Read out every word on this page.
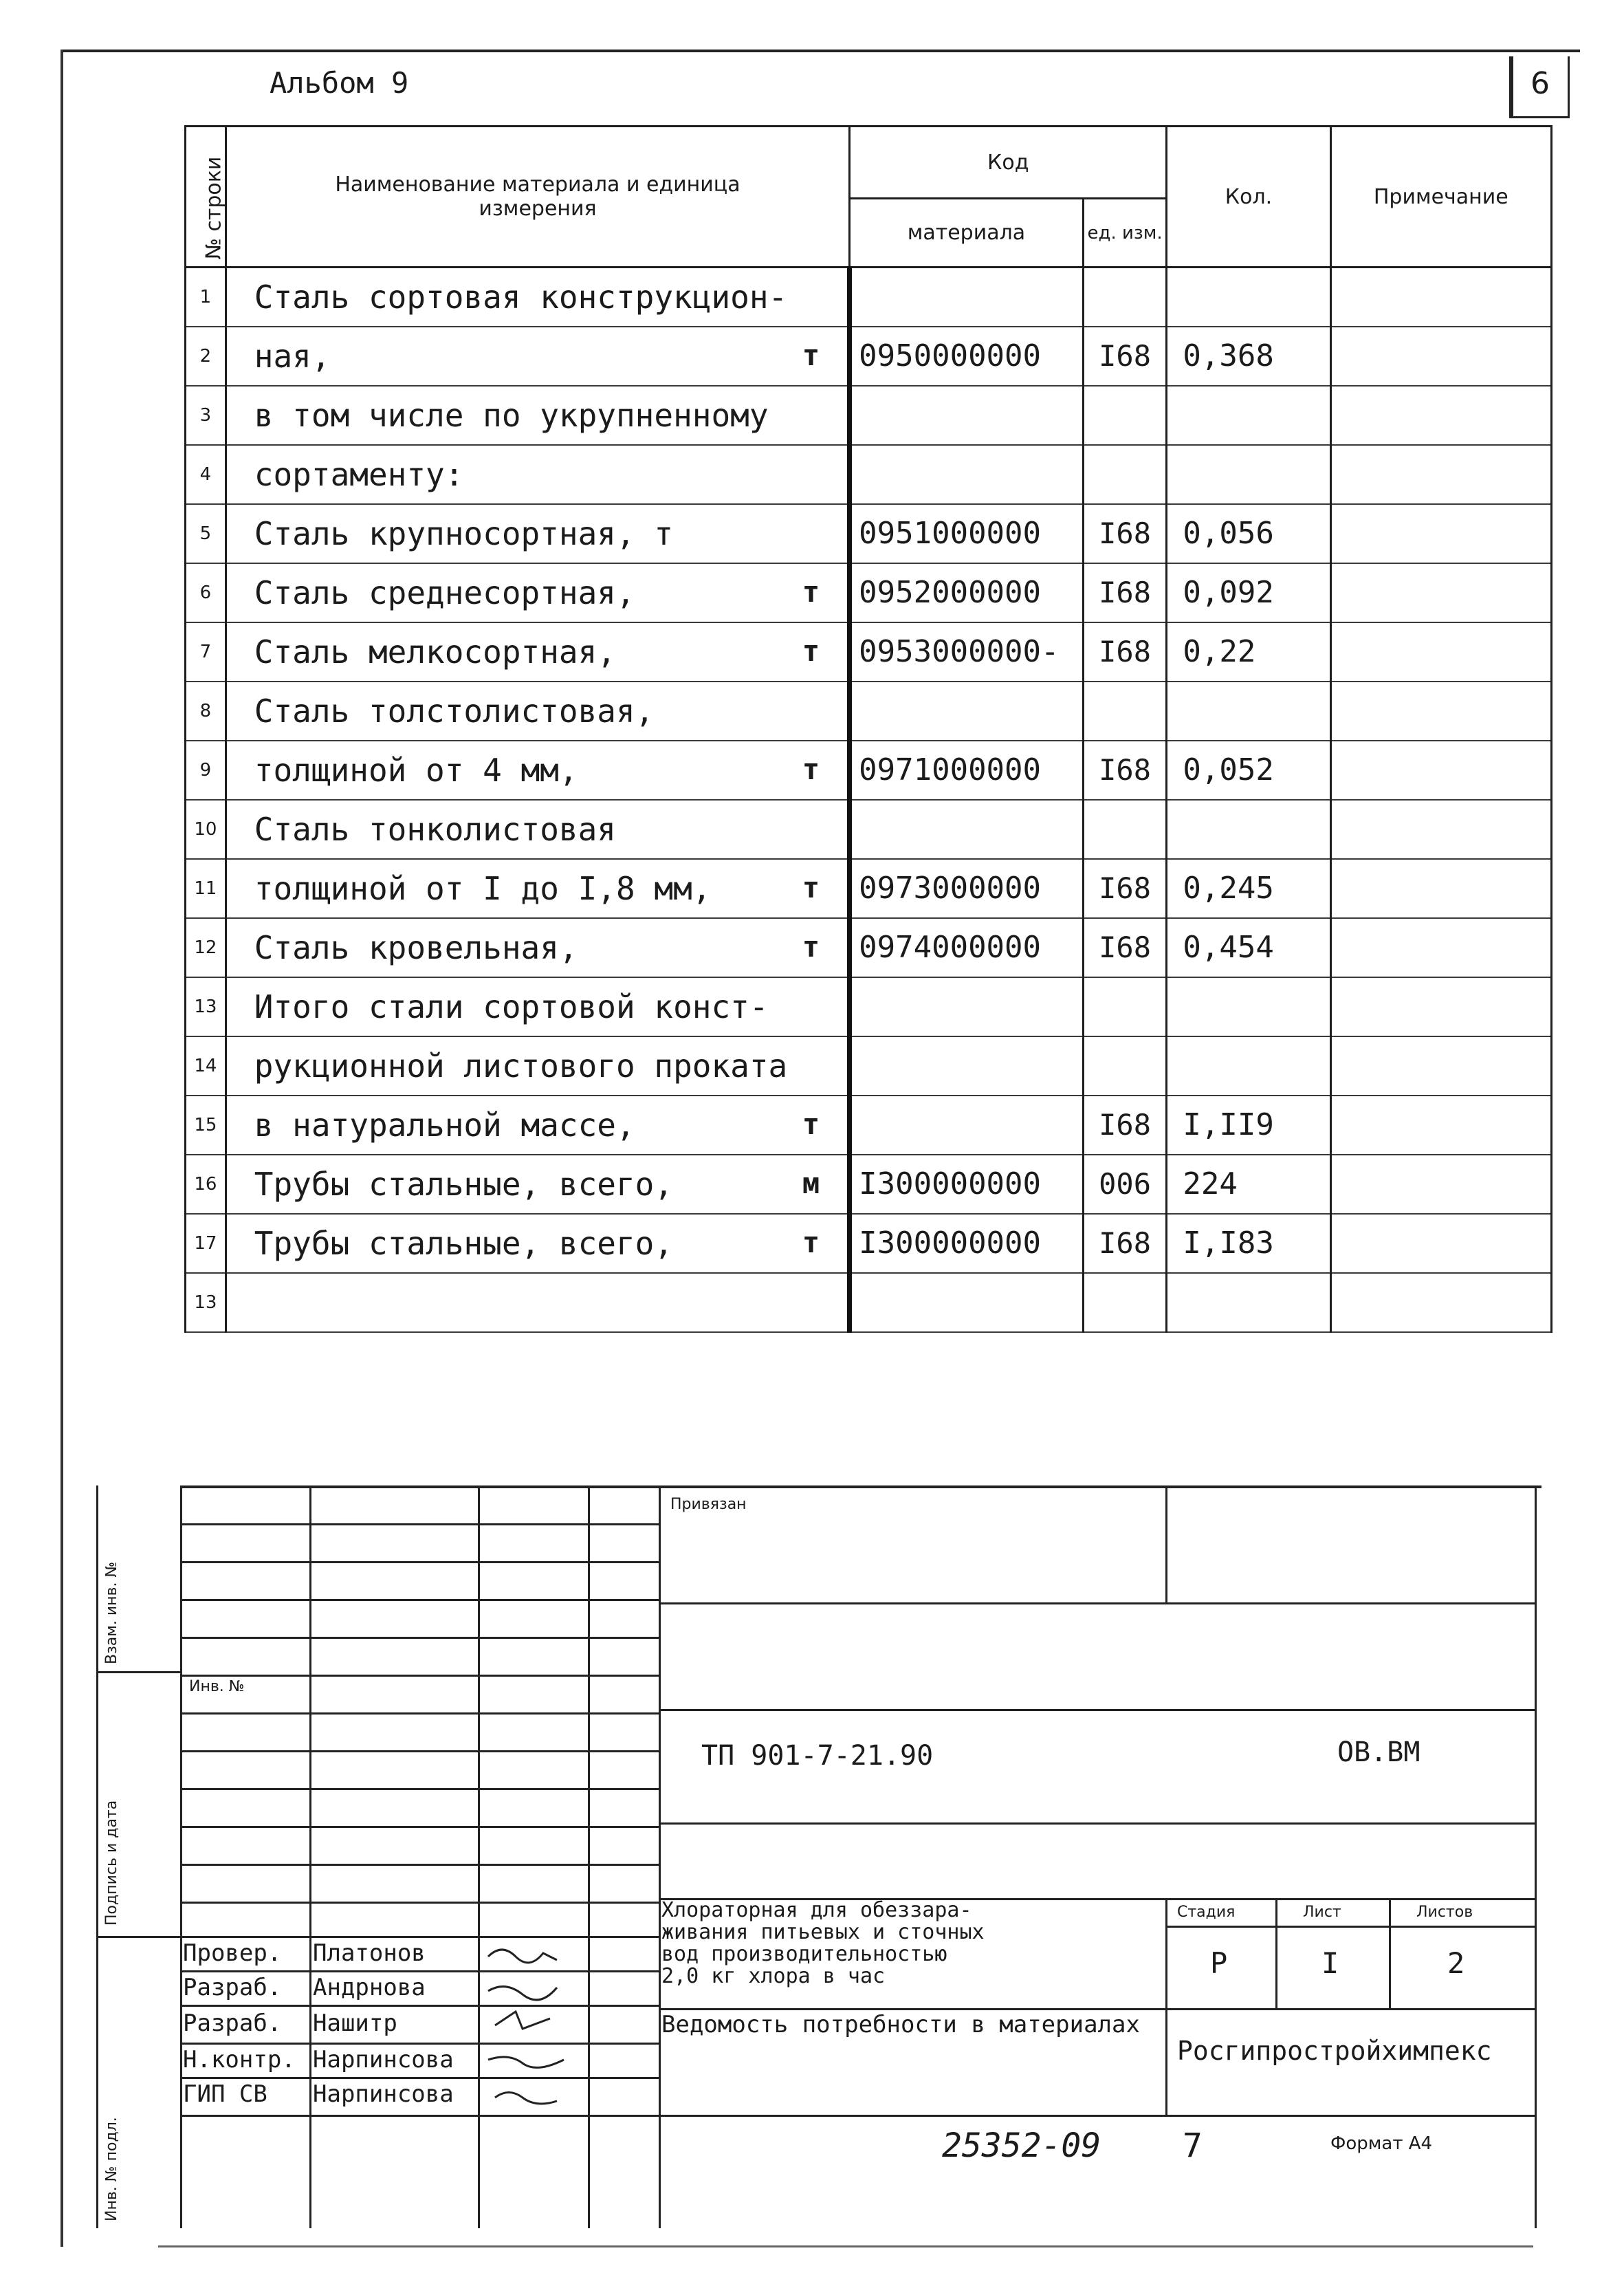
Альбом 9	6
№ строки	Наименование материала и единица измерения	Код		Кол.	Примечание
		материала	ед. изм.		
1	Сталь сортовая конструкцион-

2	ная, т	0950000000	I68	0,368	
3	в том числе по укрупненному

4	сортаменту:

5	Сталь крупносортная, т	0951000000	I68	0,056	
6	Сталь среднесортная, т	0952000000	I68	0,092	
7	Сталь мелкосортная, т	0953000000-	I68	0,22	
8	Сталь толстолистовая,

9	толщиной от 4 мм, т	0971000000	I68	0,052	
10	Сталь тонколистовая

11	толщиной от I до I,8 мм, т	0973000000	I68	0,245	
12	Сталь кровельная, т	0974000000	I68	0,454	
13	Итого стали сортовой конст-

14	рукционной листового проката

15	в натуральной массе, т		I68	I,II9	
16	Трубы стальные, всего, м	I300000000	006	224	
17	Трубы стальные, всего, т	I300000000	I68	I,I83	
13	

Взам. инв. №
Подпись и дата
Инв. № подл.
Привязан
Инв. №
ТП 901-7-21.90	ОВ.ВМ
Хлораторная для обеззара-
живания питьевых и сточных
вод производительностью
2,0 кг хлора в час
Ведомость потребности в материалах
Стадия	Лист	Листов
Р	I	2
Росгипростройхимпекс
Провер. Платонов
Разраб. Андрнова
Разраб. Нашитр
Н.контр. Нарпинсова
ГИП СВ Нарпинсова
25352-09 7	Формат А4
